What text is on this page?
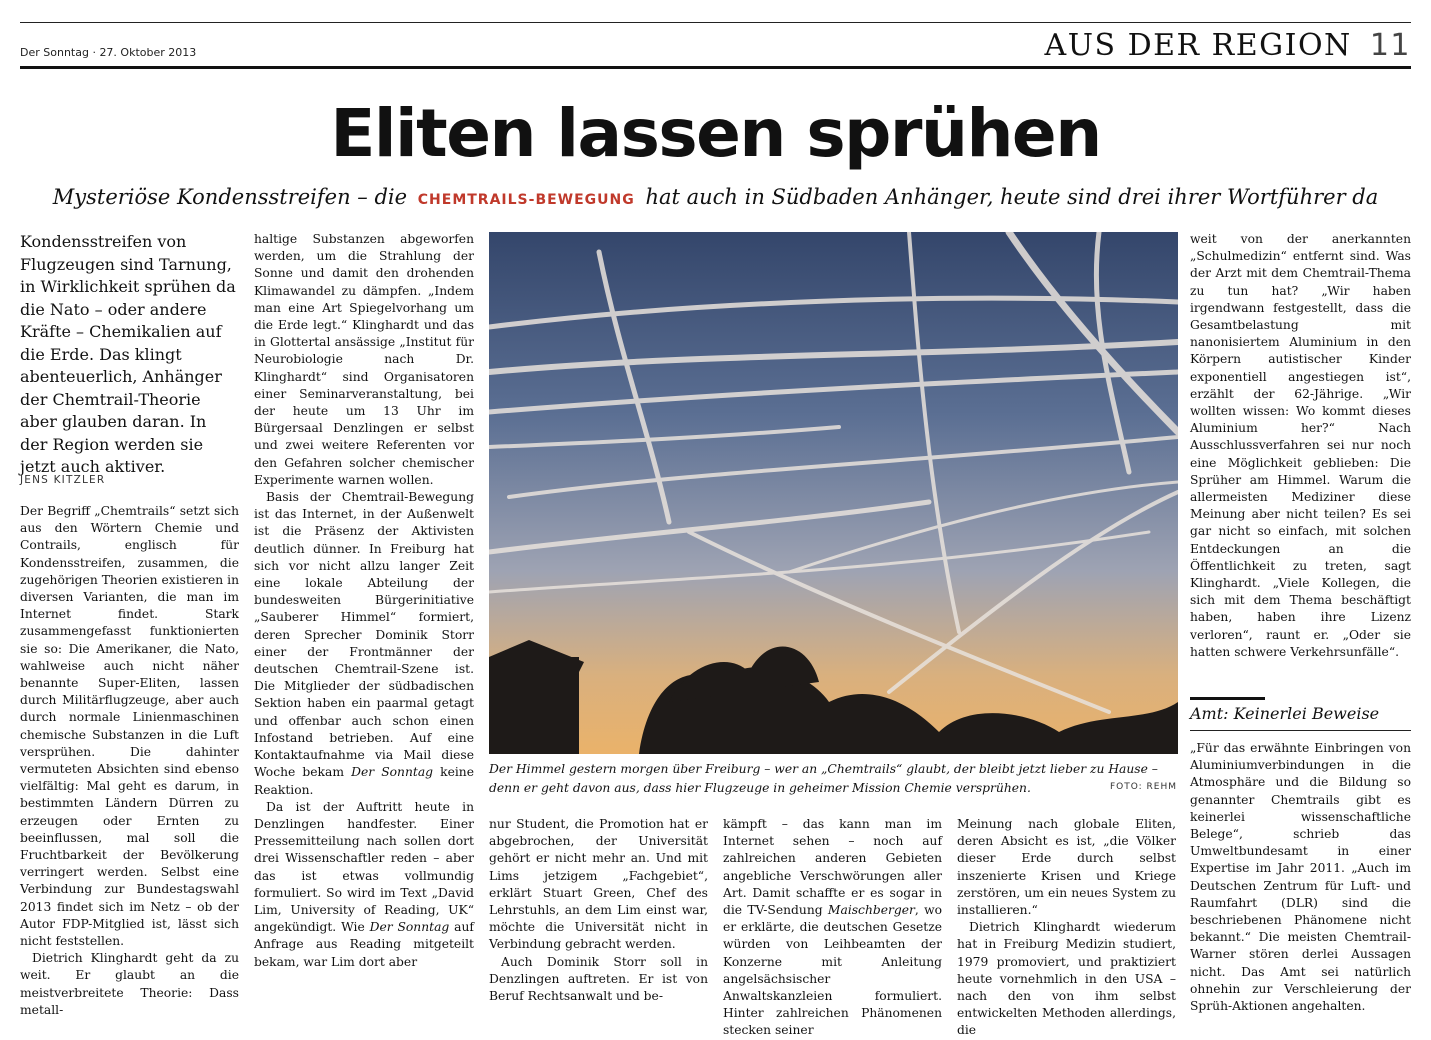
Der Sonntag · 27. Oktober 2013	AUS DER REGION 11
Eliten lassen sprühen
Mysteriöse Kondensstreifen – die CHEMTRAILS-BEWEGUNG hat auch in Südbaden Anhänger, heute sind drei ihrer Wortführer da
Kondensstreifen von Flugzeugen sind Tarnung, in Wirklichkeit sprühen da die Nato – oder andere Kräfte – Chemikalien auf die Erde. Das klingt abenteuerlich, Anhänger der Chemtrail-Theorie aber glauben daran. In der Region werden sie jetzt auch aktiver.
JENS KITZLER

Der Begriff „Chemtrails“ setzt sich aus den Wörtern Chemie und Contrails, englisch für Kondensstreifen, zusammen, die zugehörigen Theorien existieren in diversen Varianten, die man im Internet findet. Stark zusammengefasst funktionierten sie so: Die Amerikaner, die Nato, wahlweise auch nicht näher benannte Super-Eliten, lassen durch Militärflugzeuge, aber auch durch normale Linienmaschinen chemische Substanzen in die Luft versprühen. Die dahinter vermuteten Absichten sind ebenso vielfältig: Mal geht es darum, in bestimmten Ländern Dürren zu erzeugen oder Ernten zu beeinflussen, mal soll die Fruchtbarkeit der Bevölkerung verringert werden. Selbst eine Verbindung zur Bundestagswahl 2013 findet sich im Netz – ob der Autor FDP-Mitglied ist, lässt sich nicht feststellen.

Dietrich Klinghardt geht da zu weit. Er glaubt an die meistverbreitete Theorie: Dass metall-

haltige Substanzen abgeworfen werden, um die Strahlung der Sonne und damit den drohenden Klimawandel zu dämpfen. „Indem man eine Art Spiegelvorhang um die Erde legt.“ Klinghardt und das in Glottertal ansässige „Institut für Neurobiologie nach Dr. Klinghardt“ sind Organisatoren einer Seminarveranstaltung, bei der heute um 13 Uhr im Bürgersaal Denzlingen er selbst und zwei weitere Referenten vor den Gefahren solcher chemischer Experimente warnen wollen.

Basis der Chemtrail-Bewegung ist das Internet, in der Außenwelt ist die Präsenz der Aktivisten deutlich dünner. In Freiburg hat sich vor nicht allzu langer Zeit eine lokale Abteilung der bundesweiten Bürgerinitiative „Sauberer Himmel“ formiert, deren Sprecher Dominik Storr einer der Frontmänner der deutschen Chemtrail-Szene ist. Die Mitglieder der südbadischen Sektion haben ein paarmal getagt und offenbar auch schon einen Infostand betrieben. Auf eine Kontaktaufnahme via Mail diese Woche bekam Der Sonntag keine Reaktion.

Da ist der Auftritt heute in Denzlingen handfester. Einer Pressemitteilung nach sollen dort drei Wissenschaftler reden – aber das ist etwas vollmundig formuliert. So wird im Text „David Lim, University of Reading, UK“ angekündigt. Wie Der Sonntag auf Anfrage aus Reading mitgeteilt bekam, war Lim dort aber

Der Himmel gestern morgen über Freiburg – wer an „Chemtrails“ glaubt, der bleibt jetzt lieber zu Hause – denn er geht davon aus, dass hier Flugzeuge in geheimer Mission Chemie versprühen.	FOTO: REHM

nur Student, die Promotion hat er abgebrochen, der Universität gehört er nicht mehr an. Und mit Lims jetzigem „Fachgebiet“, erklärt Stuart Green, Chef des Lehrstuhls, an dem Lim einst war, möchte die Universität nicht in Verbindung gebracht werden.

Auch Dominik Storr soll in Denzlingen auftreten. Er ist von Beruf Rechtsanwalt und be-

kämpft – das kann man im Internet sehen – noch auf zahlreichen anderen Gebieten angebliche Verschwörungen aller Art. Damit schaffte er es sogar in die TV-Sendung Maischberger, wo er erklärte, die deutschen Gesetze würden von Leihbeamten der Konzerne mit Anleitung angelsächsischer Anwaltskanzleien formuliert. Hinter zahlreichen Phänomenen stecken seiner

Meinung nach globale Eliten, deren Absicht es ist, „die Völker dieser Erde durch selbst inszenierte Krisen und Kriege zerstören, um ein neues System zu installieren.“

Dietrich Klinghardt wiederum hat in Freiburg Medizin studiert, 1979 promoviert, und praktiziert heute vornehmlich in den USA – nach den von ihm selbst entwickelten Methoden allerdings, die

weit von der anerkannten „Schulmedizin“ entfernt sind. Was der Arzt mit dem Chemtrail-Thema zu tun hat? „Wir haben irgendwann festgestellt, dass die Gesamtbelastung mit nanonisiertem Aluminium in den Körpern autistischer Kinder exponentiell angestiegen ist“, erzählt der 62-Jährige. „Wir wollten wissen: Wo kommt dieses Aluminium her?“ Nach Ausschlussverfahren sei nur noch eine Möglichkeit geblieben: Die Sprüher am Himmel. Warum die allermeisten Mediziner diese Meinung aber nicht teilen? Es sei gar nicht so einfach, mit solchen Entdeckungen an die Öffentlichkeit zu treten, sagt Klinghardt. „Viele Kollegen, die sich mit dem Thema beschäftigt haben, haben ihre Lizenz verloren“, raunt er. „Oder sie hatten schwere Verkehrsunfälle“.

Amt: Keinerlei Beweise

„Für das erwähnte Einbringen von Aluminiumverbindungen in die Atmosphäre und die Bildung so genannter Chemtrails gibt es keinerlei wissenschaftliche Belege“, schrieb das Umweltbundesamt in einer Expertise im Jahr 2011. „Auch im Deutschen Zentrum für Luft- und Raumfahrt (DLR) sind die beschriebenen Phänomene nicht bekannt.“ Die meisten Chemtrail-Warner stören derlei Aussagen nicht. Das Amt sei natürlich ohnehin zur Verschleierung der Sprüh-Aktionen angehalten.
